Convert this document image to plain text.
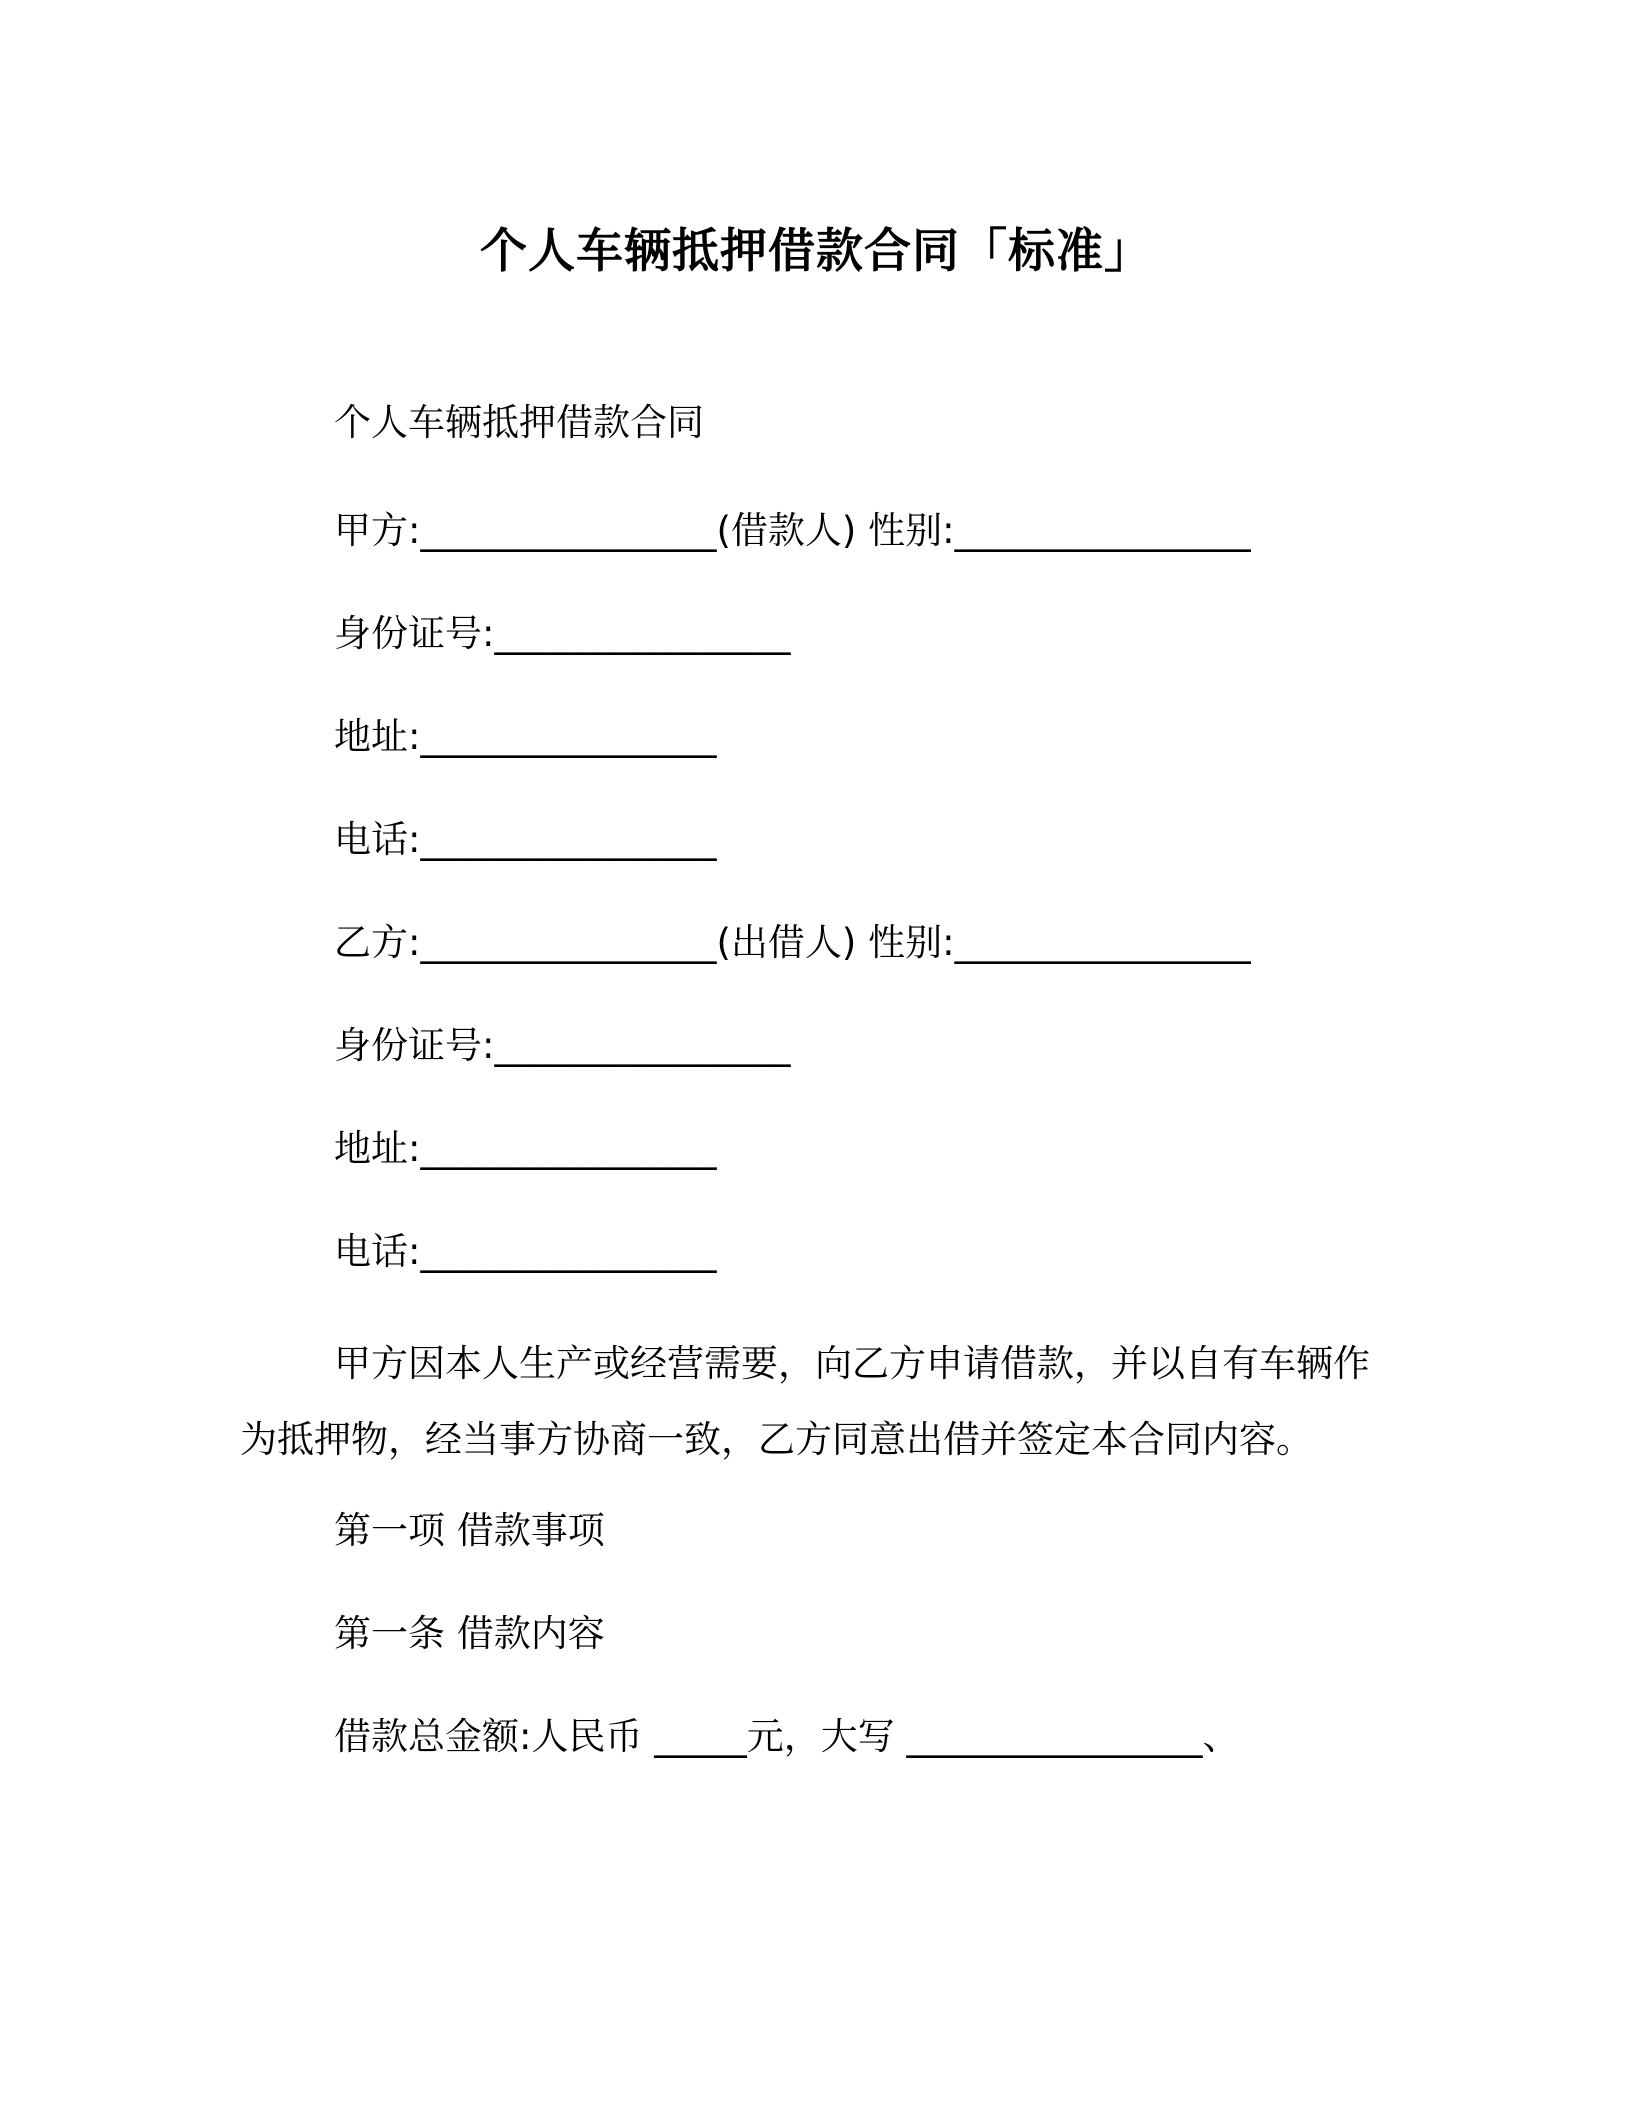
个人车辆抵押借款合同「标准」
个人车辆抵押借款合同
甲方:________________(借款人) 性别:________________
身份证号:________________
地址:________________
电话:________________
乙方:________________(出借人) 性别:________________
身份证号:________________
地址:________________
电话:________________
甲方因本人生产或经营需要，向乙方申请借款，并以自有车辆作为抵押物，经当事方协商一致，乙方同意出借并签定本合同内容。
第一项 借款事项
第一条 借款内容
借款总金额:人民币 _____元，大写 ________________、
